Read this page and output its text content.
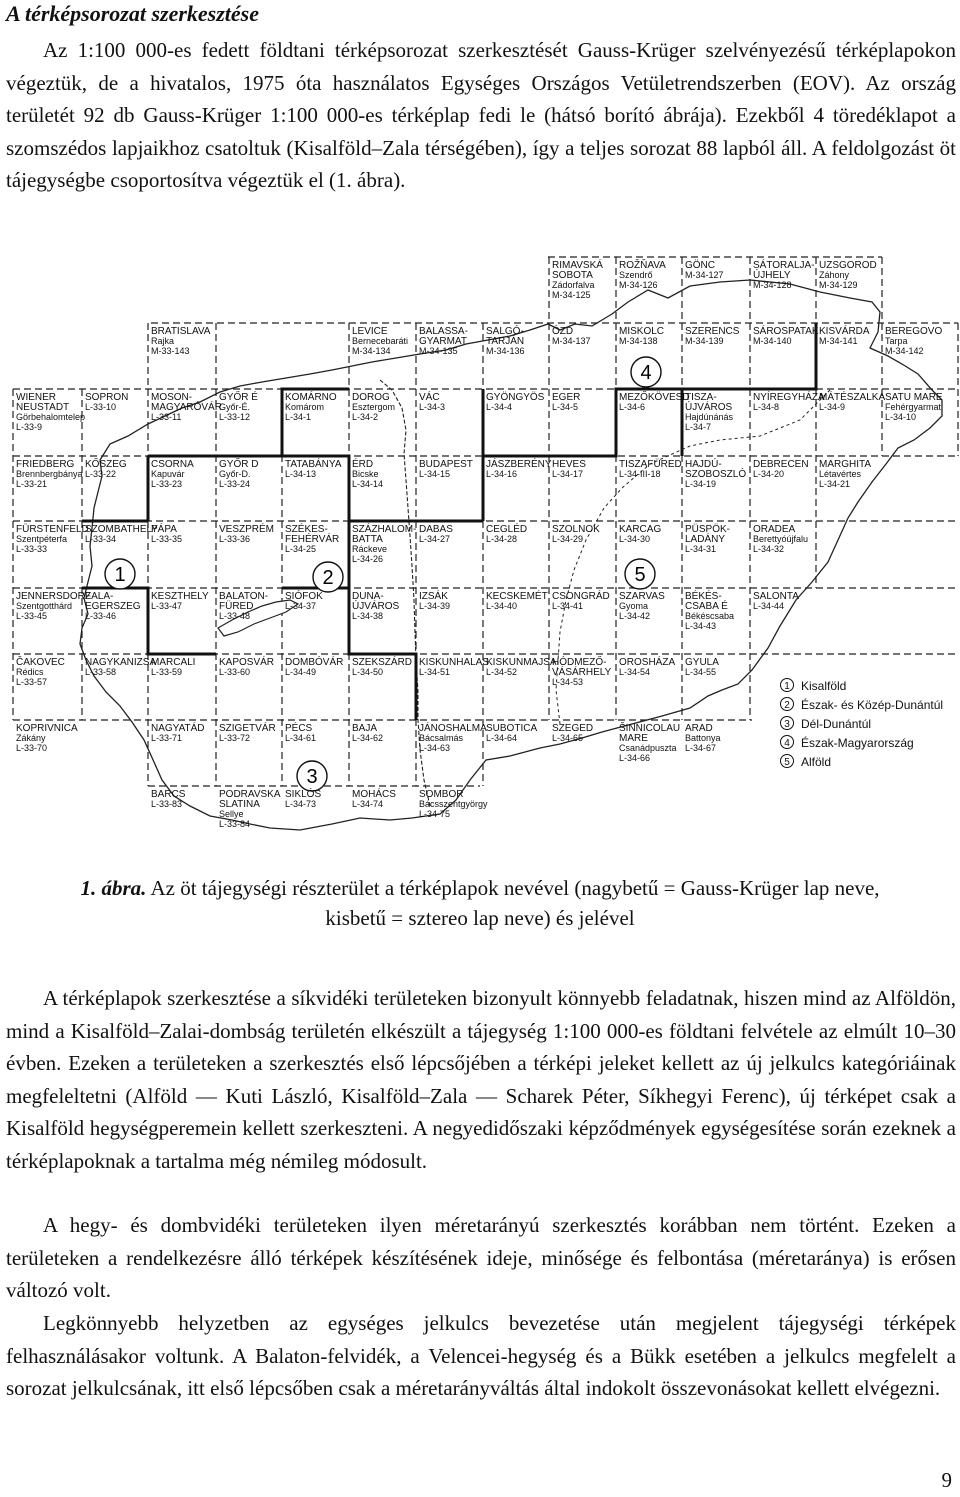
A térképsorozat szerkesztése
Az 1:100 000-es fedett földtani térképsorozat szerkesztését Gauss-Krüger szelvényezésű térképlapokon végeztük, de a hivatalos, 1975 óta használatos Egységes Országos Vetületrendszerben (EOV). Az ország területét 92 db Gauss-Krüger 1:100 000-es térképlap fedi le (hátsó borító ábrája). Ezekből 4 töredéklapot a szomszédos lapjaikhoz csatoltuk (Kisalföld–Zala térségében), így a teljes sorozat 88 lapból áll. A feldolgozást öt tájegységbe csoportosítva végeztük el (1. ábra).
1	2
3
4
5
RIMAVSKÁ
SOBOTA
Zádorfalva
M-34-125
ROŽŇAVA
Szendrő
M-34-126
GÖNC
M-34-127
SÁTORALJA-
ÚJHELY
M-34-128
UZSGOROD
Záhony
M-34-129
BRATISLAVA
Rajka
M-33-143
LEVICE
Bernecebaráti
M-34-134
BALASSA-
GYARMAT
M-34-135
SALGÓ-
TARJÁN
M-34-136
ÓZD
M-34-137
MISKOLC
M-34-138
SZERENCS
M-34-139
SÁROSPATAK
M-34-140
KISVÁRDA
M-34-141
BEREGOVO
Tarpa
M-34-142
WIENER
NEUSTADT
Görbehalomtelep
L-33-9
SOPRON
L-33-10
MOSON-
MAGYARÓVÁR
L-33-11
GYŐR É
Győr-É.
L-33-12
KOMÁRNO
Komárom
L-34-1
DOROG
Esztergom
L-34-2
VÁC
L-34-3
GYÖNGYÖS
L-34-4
EGER
L-34-5
MEZŐKÖVESD
L-34-6
TISZA-
ÚJVÁROS
Hajdúnánás
L-34-7
NYÍREGYHÁZA
L-34-8
MÁTÉSZALKA
L-34-9
SATU MARE
Fehérgyarmat
L-34-10
FRIEDBERG
Brennbergbánya
L-33-21
KŐSZEG
L-33-22
CSORNA
Kapuvár
L-33-23
GYŐR D
Győr-D.
L-33-24
TATABÁNYA
L-34-13
ÉRD
Bicske
L-34-14
BUDAPEST
L-34-15
JÁSZBERÉNY
L-34-16
HEVES
L-34-17
TISZAFÜRED
L-34-III-18
HAJDÚ-
SZOBOSZLÓ
L-34-19
DEBRECEN
L-34-20
MARGHITA
Létavértes
L-34-21
FÜRSTENFELD
Szentpéterfa
L-33-33
SZOMBATHELY
L-33-34
PÁPA
L-33-35
VESZPRÉM
L-33-36
SZÉKES-
FEHÉRVÁR
L-34-25
SZÁZHALOM-
BATTA
Ráckeve
L-34-26
DABAS
L-34-27
CEGLÉD
L-34-28
SZOLNOK
L-34-29
KARCAG
L-34-30
PÜSPÖK-
LADÁNY
L-34-31
ORADEA
Berettyóújfalu
L-34-32
JENNERSDORF
Szentgotthárd
L-33-45
ZALA-
EGERSZEG
L-33-46
KESZTHELY
L-33-47
BALATON-
FÜRED
L-33-48
SIÓFOK
L-34-37
DUNA-
ÚJVÁROS
L-34-38
IZSÁK
L-34-39
KECSKEMÉT
L-34-40
CSONGRÁD
L-34-41
SZARVAS
Gyoma
L-34-42
BÉKÉS-
CSABA É
Békéscsaba
L-34-43
SALONTA
L-34-44
ČAKOVEC
Rédics
L-33-57
NAGYKANIZSA
L-33-58
MARCALI
L-33-59
KAPOSVÁR
L-33-60
DOMBÓVÁR
L-34-49
SZEKSZÁRD
L-34-50
KISKUNHALAS
L-34-51
KISKUNMAJSA
L-34-52
HÓDMEZŐ-
VÁSÁRHELY
L-34-53
OROSHÁZA
L-34-54
GYULA
L-34-55
KOPRIVNICA
Zákány
L-33-70
NAGYATÁD
L-33-71
SZIGETVÁR
L-33-72
PÉCS
L-34-61
BAJA
L-34-62
JÁNOSHALMA
Bácsalmás
L-34-63
SUBOTICA
L-34-64
SZEGED
L-34-65
ŠINNICOLAU
MARE
Csanádpuszta
L-34-66
ARAD
Battonya
L-34-67
BARCS
L-33-83
PODRAVSKA
SLATINA
Sellye
L-33-84
SIKLÓS
L-34-73
MOHÁCS
L-34-74
SOMBOR
Bácsszentgyörgy
L-34-75
1 Kisalföld
2 Észak- és Közép-Dunántúl
3 Dél-Dunántúl
4 Észak-Magyarország
5 Alföld
1. ábra. Az öt tájegységi részterület a térképlapok nevével (nagybetű = Gauss-Krüger lap neve, kisbetű = sztereo lap neve) és jelével
A térképlapok szerkesztése a síkvidéki területeken bizonyult könnyebb feladatnak, hiszen mind az Alföldön, mind a Kisalföld–Zalai-dombság területén elkészült a tájegység 1:100 000-es földtani felvétele az elmúlt 10–30 évben. Ezeken a területeken a szerkesztés első lépcsőjében a térképi jeleket kellett az új jelkulcs kategóriáinak megfeleltetni (Alföld — Kuti László, Kisalföld–Zala — Scharek Péter, Síkhegyi Ferenc), új térképet csak a Kisalföld hegységperemein kellett szerkeszteni. A negyedidőszaki képződmények egységesítése során ezeknek a térképlapoknak a tartalma még némileg módosult.
A hegy- és dombvidéki területeken ilyen méretarányú szerkesztés korábban nem történt. Ezeken a területeken a rendelkezésre álló térképek készítésének ideje, minősége és felbontása (méretaránya) is erősen változó volt.
Legkönnyebb helyzetben az egységes jelkulcs bevezetése után megjelent tájegységi térképek felhasználásakor voltunk. A Balaton-felvidék, a Velencei-hegység és a Bükk esetében a jelkulcs megfelelt a sorozat jelkulcsának, itt első lépcsőben csak a méretarányváltás által indokolt összevonásokat kellett elvégezni.
9
